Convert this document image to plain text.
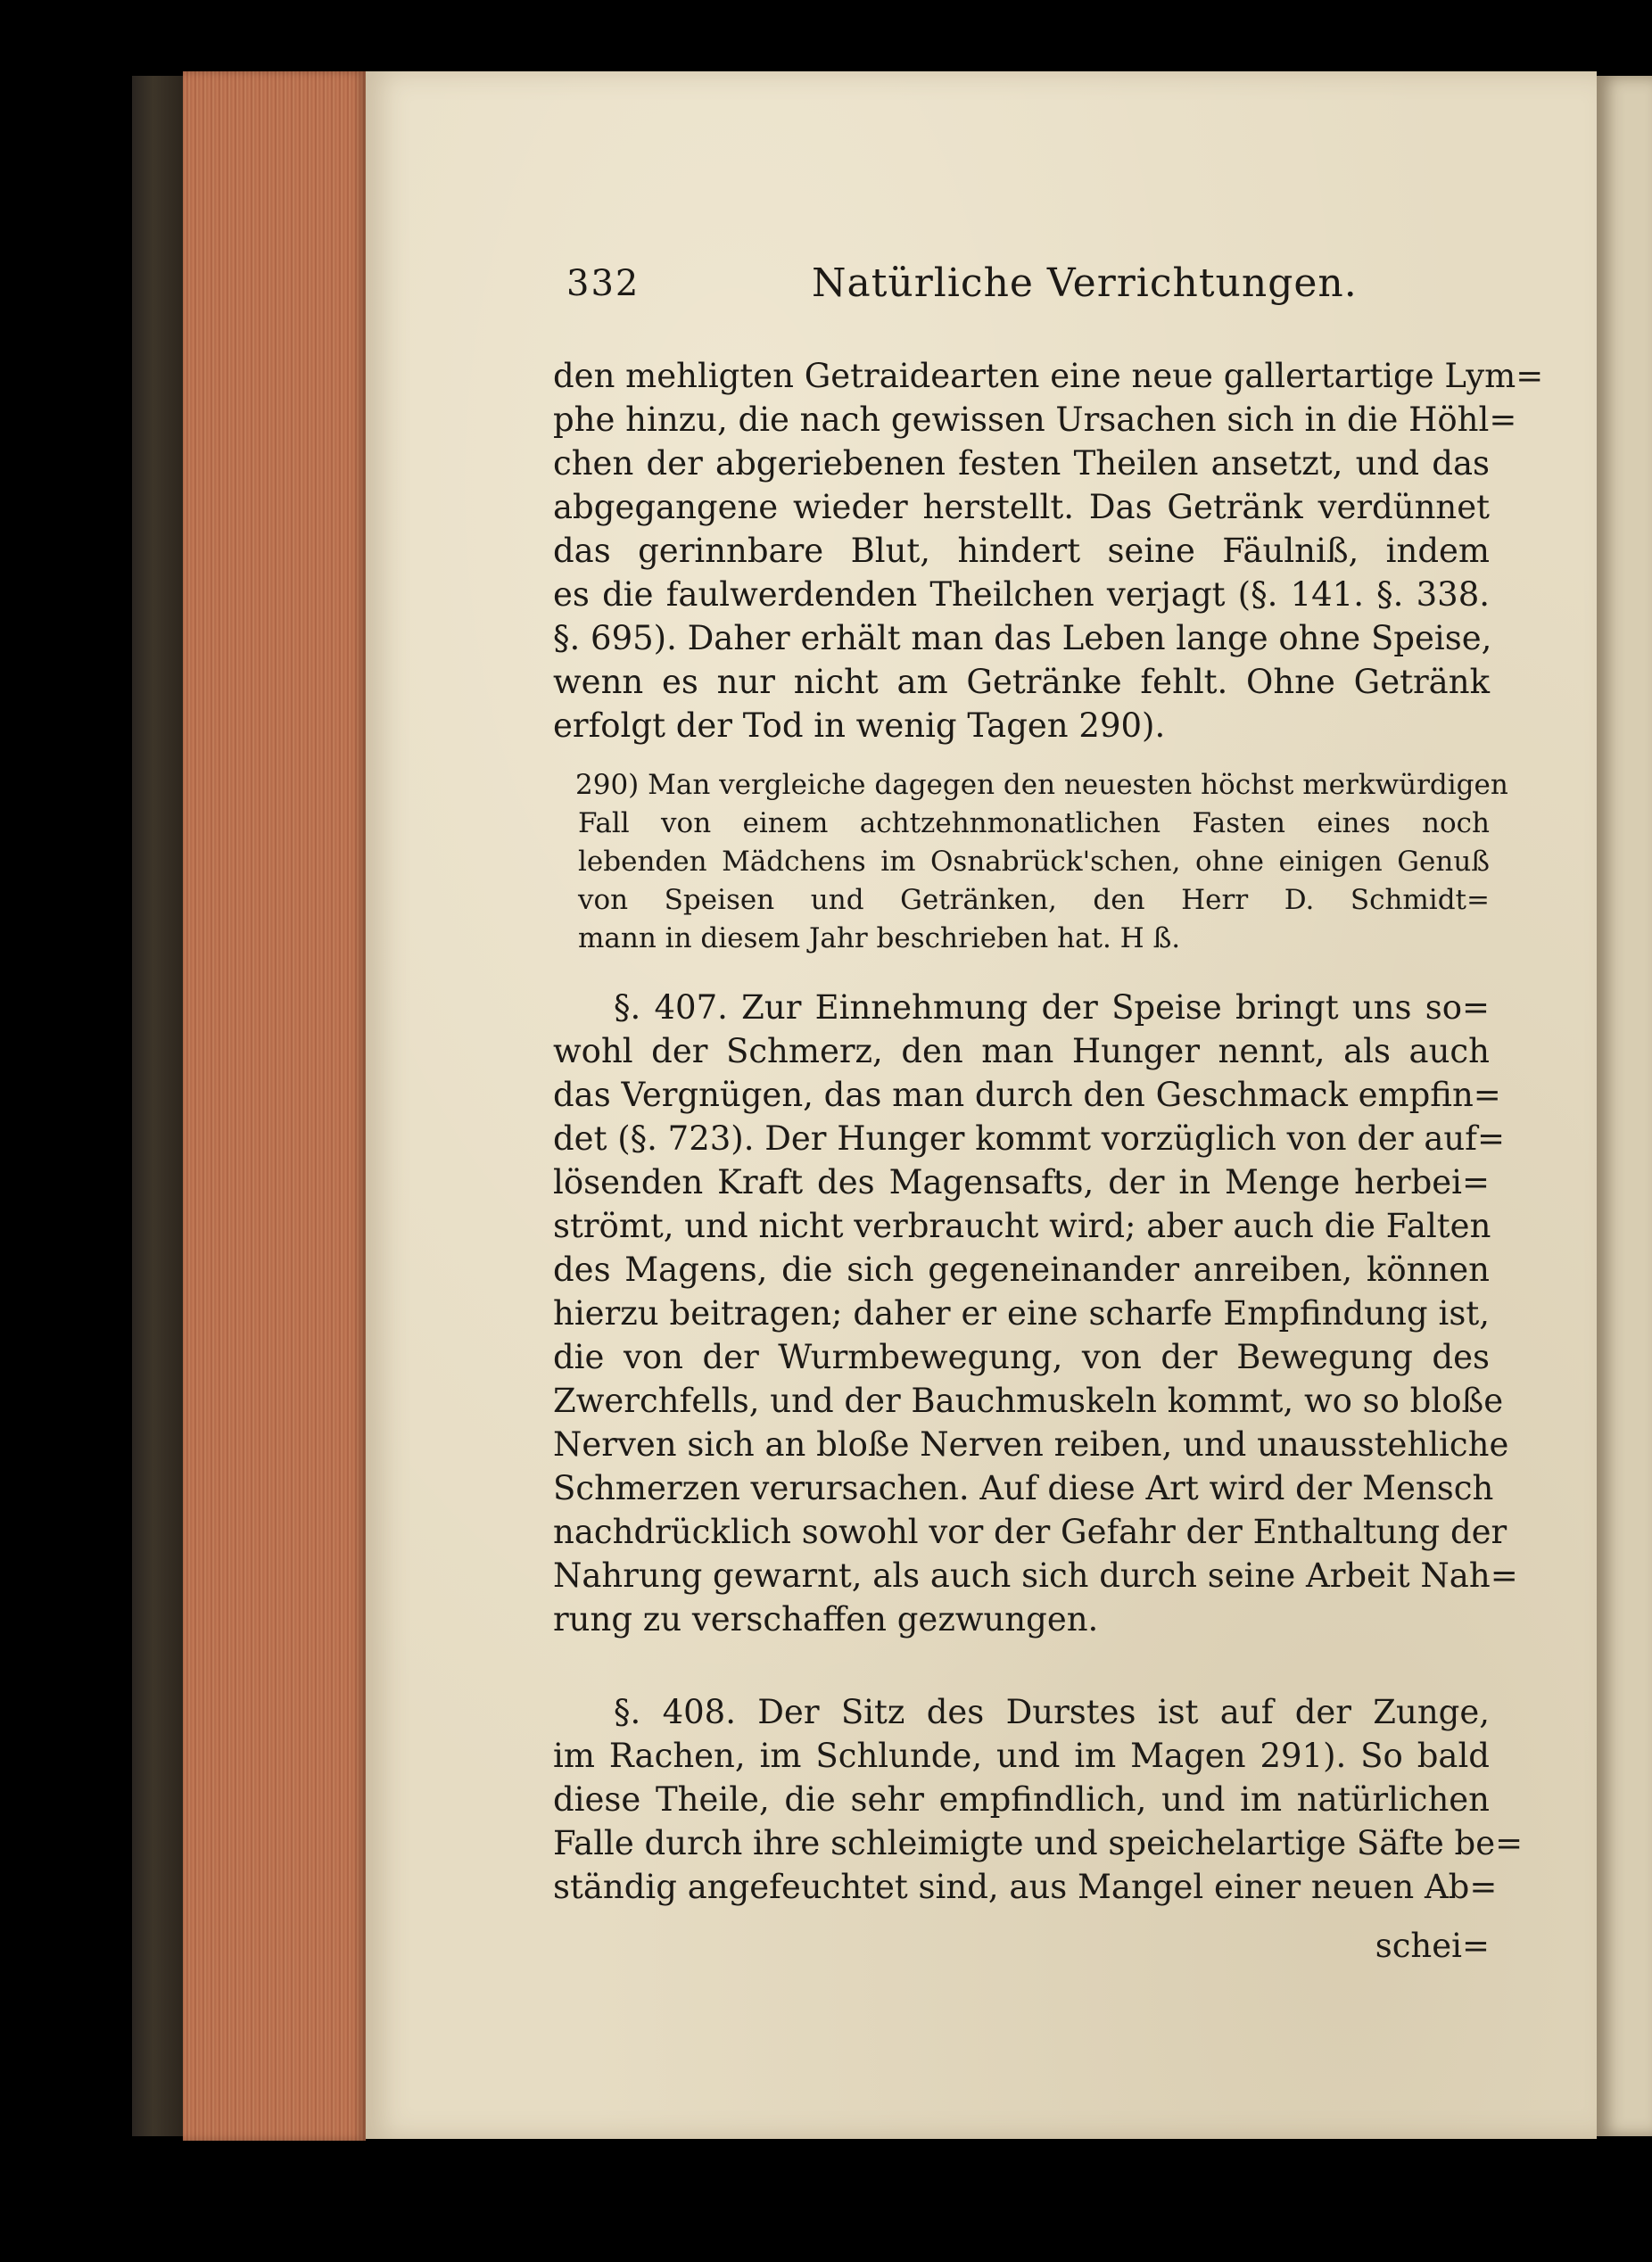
332	Natürliche Verrichtungen.
den mehligten Getraidearten eine neue gallertartige Lym=
phe hinzu, die nach gewissen Ursachen sich in die Höhl=
chen der abgeriebenen festen Theilen ansetzt, und das
abgegangene wieder herstellt. Das Getränk verdünnet
das gerinnbare Blut, hindert seine Fäulniß, indem
es die faulwerdenden Theilchen verjagt (§. 141. §. 338.
§. 695). Daher erhält man das Leben lange ohne Speise,
wenn es nur nicht am Getränke fehlt. Ohne Getränk
erfolgt der Tod in wenig Tagen 290).
290) Man vergleiche dagegen den neuesten höchst merkwürdigen
Fall von einem achtzehnmonatlichen Fasten eines noch
lebenden Mädchens im Osnabrück'schen, ohne einigen Genuß
von Speisen und Getränken, den Herr D. Schmidt=
mann in diesem Jahr beschrieben hat. H ß.
§. 407. Zur Einnehmung der Speise bringt uns so=
wohl der Schmerz, den man Hunger nennt, als auch
das Vergnügen, das man durch den Geschmack empfin=
det (§. 723). Der Hunger kommt vorzüglich von der auf=
lösenden Kraft des Magensafts, der in Menge herbei=
strömt, und nicht verbraucht wird; aber auch die Falten
des Magens, die sich gegeneinander anreiben, können
hierzu beitragen; daher er eine scharfe Empfindung ist,
die von der Wurmbewegung, von der Bewegung des
Zwerchfells, und der Bauchmuskeln kommt, wo so bloße
Nerven sich an bloße Nerven reiben, und unausstehliche
Schmerzen verursachen. Auf diese Art wird der Mensch
nachdrücklich sowohl vor der Gefahr der Enthaltung der
Nahrung gewarnt, als auch sich durch seine Arbeit Nah=
rung zu verschaffen gezwungen.
§. 408. Der Sitz des Durstes ist auf der Zunge,
im Rachen, im Schlunde, und im Magen 291). So bald
diese Theile, die sehr empfindlich, und im natürlichen
Falle durch ihre schleimigte und speichelartige Säfte be=
ständig angefeuchtet sind, aus Mangel einer neuen Ab=
schei=
